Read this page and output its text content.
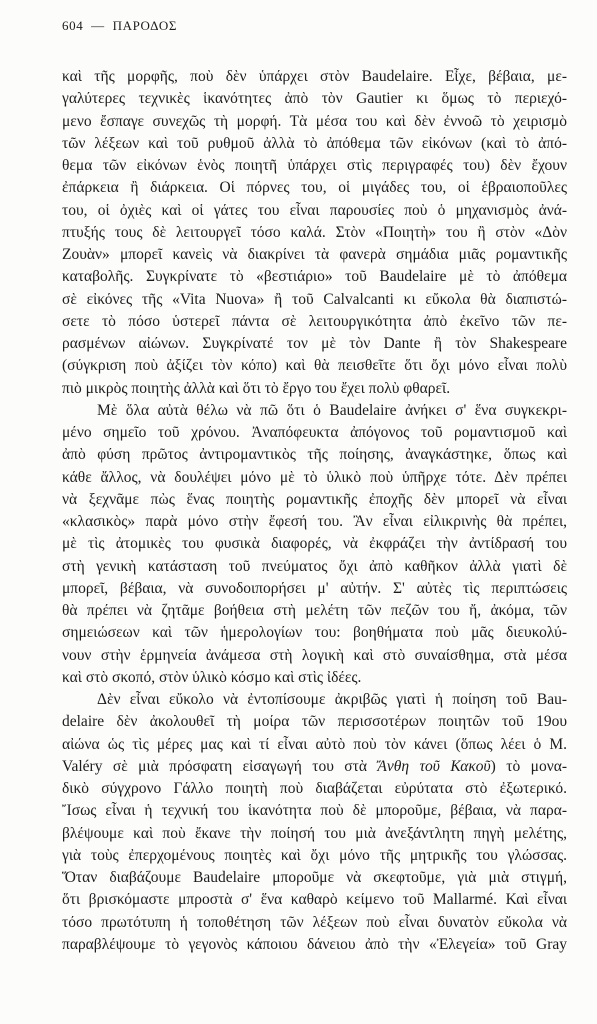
604 — ΠΑΡΟΔΟΣ
καὶ τῆς μορφῆς, ποὺ δὲν ὑπάρχει στὸν Baudelaire. Εἶχε, βέβαια, με-
γαλύτερες τεχνικὲς ἱκανότητες ἀπὸ τὸν Gautier κι ὅμως τὸ περιεχό-
μενο ἔσπαγε συνεχῶς τὴ μορφή. Τὰ μέσα του καὶ δὲν ἐννοῶ τὸ χειρισμὸ
τῶν λέξεων καὶ τοῦ ρυθμοῦ ἀλλὰ τὸ ἀπόθεμα τῶν εἰκόνων (καὶ τὸ ἀπό-
θεμα τῶν εἰκόνων ἑνὸς ποιητῆ ὑπάρχει στὶς περιγραφές του) δὲν ἔχουν
ἐπάρκεια ἢ διάρκεια. Οἱ πόρνες του, οἱ μιγάδες του, οἱ ἑβραιοποῦλες
του, οἱ ὀχιὲς καὶ οἱ γάτες του εἶναι παρουσίες ποὺ ὁ μηχανισμὸς ἀνά-
πτυξής τους δὲ λειτουργεῖ τόσο καλά. Στὸν «Ποιητὴ» του ἢ στὸν «Δὸν
Ζουὰν» μπορεῖ κανεὶς νὰ διακρίνει τὰ φανερὰ σημάδια μιᾶς ρομαντικῆς
καταβολῆς. Συγκρίνατε τὸ «βεστιάριο» τοῦ Baudelaire μὲ τὸ ἀπόθεμα
σὲ εἰκόνες τῆς «Vita Nuova» ἢ τοῦ Calvalcanti κι εὔκολα θὰ διαπιστώ-
σετε τὸ πόσο ὑστερεῖ πάντα σὲ λειτουργικότητα ἀπὸ ἐκεῖνο τῶν πε-
ρασμένων αἰώνων. Συγκρίνατέ τον μὲ τὸν Dante ἢ τὸν Shakespeare
(σύγκριση ποὺ ἀξίζει τὸν κόπο) καὶ θὰ πεισθεῖτε ὅτι ὄχι μόνο εἶναι πολὺ
πιὸ μικρὸς ποιητὴς ἀλλὰ καὶ ὅτι τὸ ἔργο του ἔχει πολὺ φθαρεῖ.
Μὲ ὅλα αὐτὰ θέλω νὰ πῶ ὅτι ὁ Baudelaire ἀνήκει σ' ἕνα συγκεκρι-
μένο σημεῖο τοῦ χρόνου. Ἀναπόφευκτα ἀπόγονος τοῦ ρομαντισμοῦ καὶ
ἀπὸ φύση πρῶτος ἀντιρομαντικὸς τῆς ποίησης, ἀναγκάστηκε, ὅπως καὶ
κάθε ἄλλος, νὰ δουλέψει μόνο μὲ τὸ ὑλικὸ ποὺ ὑπῆρχε τότε. Δὲν πρέπει
νὰ ξεχνᾶμε πὼς ἕνας ποιητὴς ρομαντικῆς ἐποχῆς δὲν μπορεῖ νὰ εἶναι
«κλασικὸς» παρὰ μόνο στὴν ἔφεσή του. Ἂν εἶναι εἰλικρινὴς θὰ πρέπει,
μὲ τὶς ἀτομικὲς του φυσικὰ διαφορές, νὰ ἐκφράζει τὴν ἀντίδρασή του
στὴ γενικὴ κατάσταση τοῦ πνεύματος ὄχι ἀπὸ καθῆκον ἀλλὰ γιατὶ δὲ
μπορεῖ, βέβαια, νὰ συνοδοιπορήσει μ' αὐτήν. Σ' αὐτὲς τὶς περιπτώσεις
θὰ πρέπει νὰ ζητᾶμε βοήθεια στὴ μελέτη τῶν πεζῶν του ἤ, ἀκόμα, τῶν
σημειώσεων καὶ τῶν ἡμερολογίων του: βοηθήματα ποὺ μᾶς διευκολύ-
νουν στὴν ἑρμηνεία ἀνάμεσα στὴ λογικὴ καὶ στὸ συναίσθημα, στὰ μέσα
καὶ στὸ σκοπό, στὸν ὑλικὸ κόσμο καὶ στὶς ἰδέες.
Δὲν εἶναι εὔκολο νὰ ἐντοπίσουμε ἀκριβῶς γιατὶ ἡ ποίηση τοῦ Bau-
delaire δὲν ἀκολουθεῖ τὴ μοίρα τῶν περισσοτέρων ποιητῶν τοῦ 19ου
αἰώνα ὡς τὶς μέρες μας καὶ τί εἶναι αὐτὸ ποὺ τὸν κάνει (ὅπως λέει ὁ Μ.
Valéry σὲ μιὰ πρόσφατη εἰσαγωγή του στὰ Ἄνθη τοῦ Κακοῦ) τὸ μονα-
δικὸ σύγχρονο Γάλλο ποιητὴ ποὺ διαβάζεται εὐρύτατα στὸ ἐξωτερικό.
Ἴσως εἶναι ἡ τεχνική του ἱκανότητα ποὺ δὲ μποροῦμε, βέβαια, νὰ παρα-
βλέψουμε καὶ ποὺ ἔκανε τὴν ποίησή του μιὰ ἀνεξάντλητη πηγὴ μελέτης,
γιὰ τοὺς ἐπερχομένους ποιητὲς καὶ ὄχι μόνο τῆς μητρικῆς του γλώσσας.
Ὅταν διαβάζουμε Baudelaire μποροῦμε νὰ σκεφτοῦμε, γιὰ μιὰ στιγμή,
ὅτι βρισκόμαστε μπροστὰ σ' ἕνα καθαρὸ κείμενο τοῦ Mallarmé. Καὶ εἶναι
τόσο πρωτότυπη ἡ τοποθέτηση τῶν λέξεων ποὺ εἶναι δυνατὸν εὔκολα νὰ
παραβλέψουμε τὸ γεγονὸς κάποιου δάνειου ἀπὸ τὴν «Ἐλεγεία» τοῦ Gray
